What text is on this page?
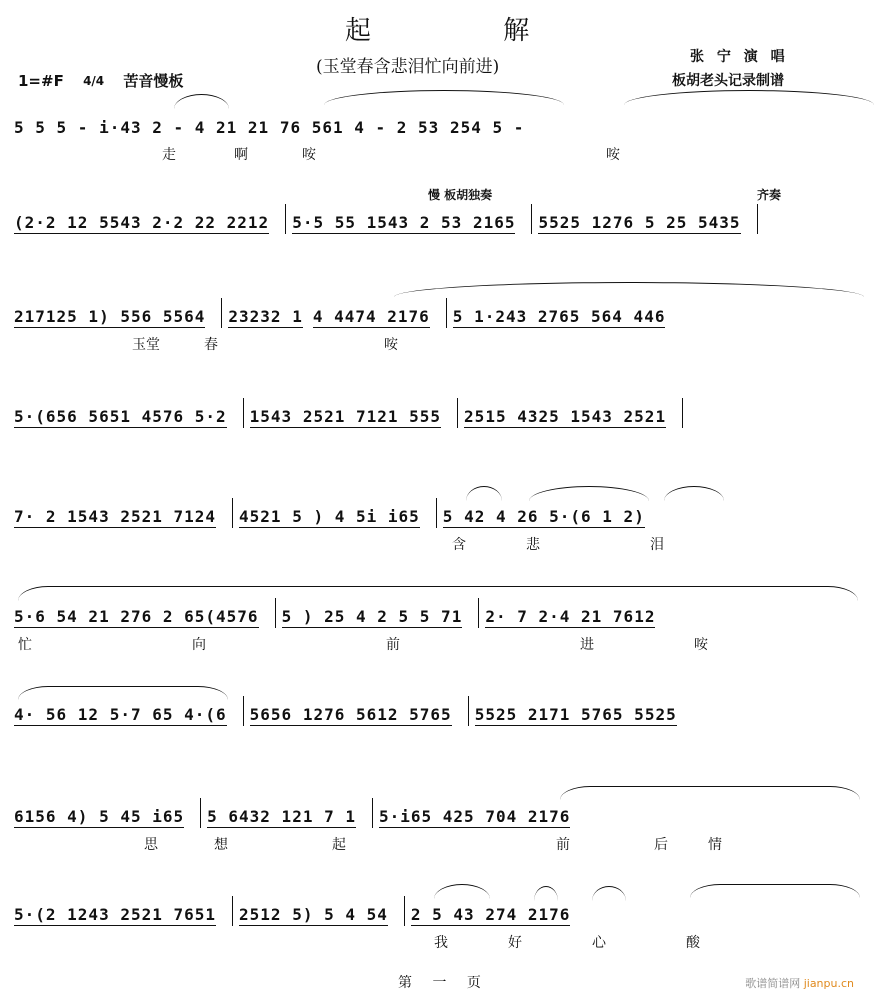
起 解
(玉堂春含悲泪忙向前进)	张 宁 演 唱
板胡老头记录制谱
1=#F 4/4 苦音慢板
慢 板胡独奏	齐奏
5 5 5 - i·43 2 - 4 21 21 76 561 4 - 2 53 254 5 -
走	啊	咹	咹
(2·2 12 5543 2·2 22 2212 5·5 55 1543 2 53 2165 5525 1276 5 25 5435
217125 1) 556 5564 23232 1 4 4474 2176 5 1·243 2765 564 446
玉堂	春	咹
5·(656 5651 4576 5·2 1543 2521 7121 555 2515 4325 1543 2521
7· 2 1543 2521 7124 4521 5 ) 4 5i i65 5 42 4 26 5·(6 1 2)
含	悲	泪
5·6 54 21 276 2 65(4576 5 ) 25 4 2 5 5 71 2· 7 2·4 21 7612
忙	向	前	进	咹
4· 56 12 5·7 65 4·(6 5656 1276 5612 5765 5525 2171 5765 5525
6156 4) 5 45 i65 5 6432 121 7 1 5·i65 425 704 2176
思	想	起	前	后	情
5·(2 1243 2521 7651 2512 5) 5 4 54 2 5 43 274 2176
我	好	心	酸
第 一 页	歌谱简谱网 jianpu.cn
